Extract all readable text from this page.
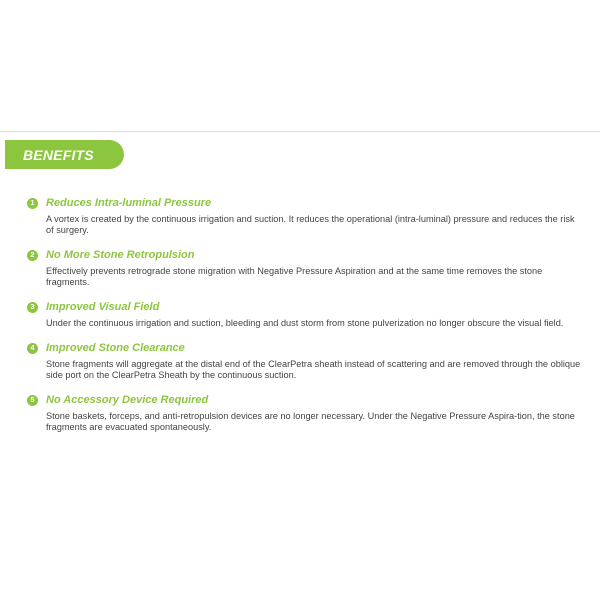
BENEFITS
1	Reduces Intra-luminal Pressure
A vortex is created by the continuous irrigation and suction. It reduces the operational (intra-luminal) pressure and reduces the risk of surgery.
2	No More Stone Retropulsion
Effectively prevents retrograde stone migration with Negative Pressure Aspiration and at the same time removes the stone fragments.
3	Improved Visual Field
Under the continuous irrigation and suction, bleeding and dust storm from stone pulverization no longer obscure the visual field.
4	Improved Stone Clearance
Stone fragments will aggregate at the distal end of the ClearPetra sheath instead of scattering and are removed through the oblique side port on the ClearPetra Sheath by the continuous suction.
5	No Accessory Device Required
Stone baskets, forceps, and anti-retropulsion devices are no longer necessary. Under the Negative Pressure Aspira-tion, the stone fragments are evacuated spontaneously.
